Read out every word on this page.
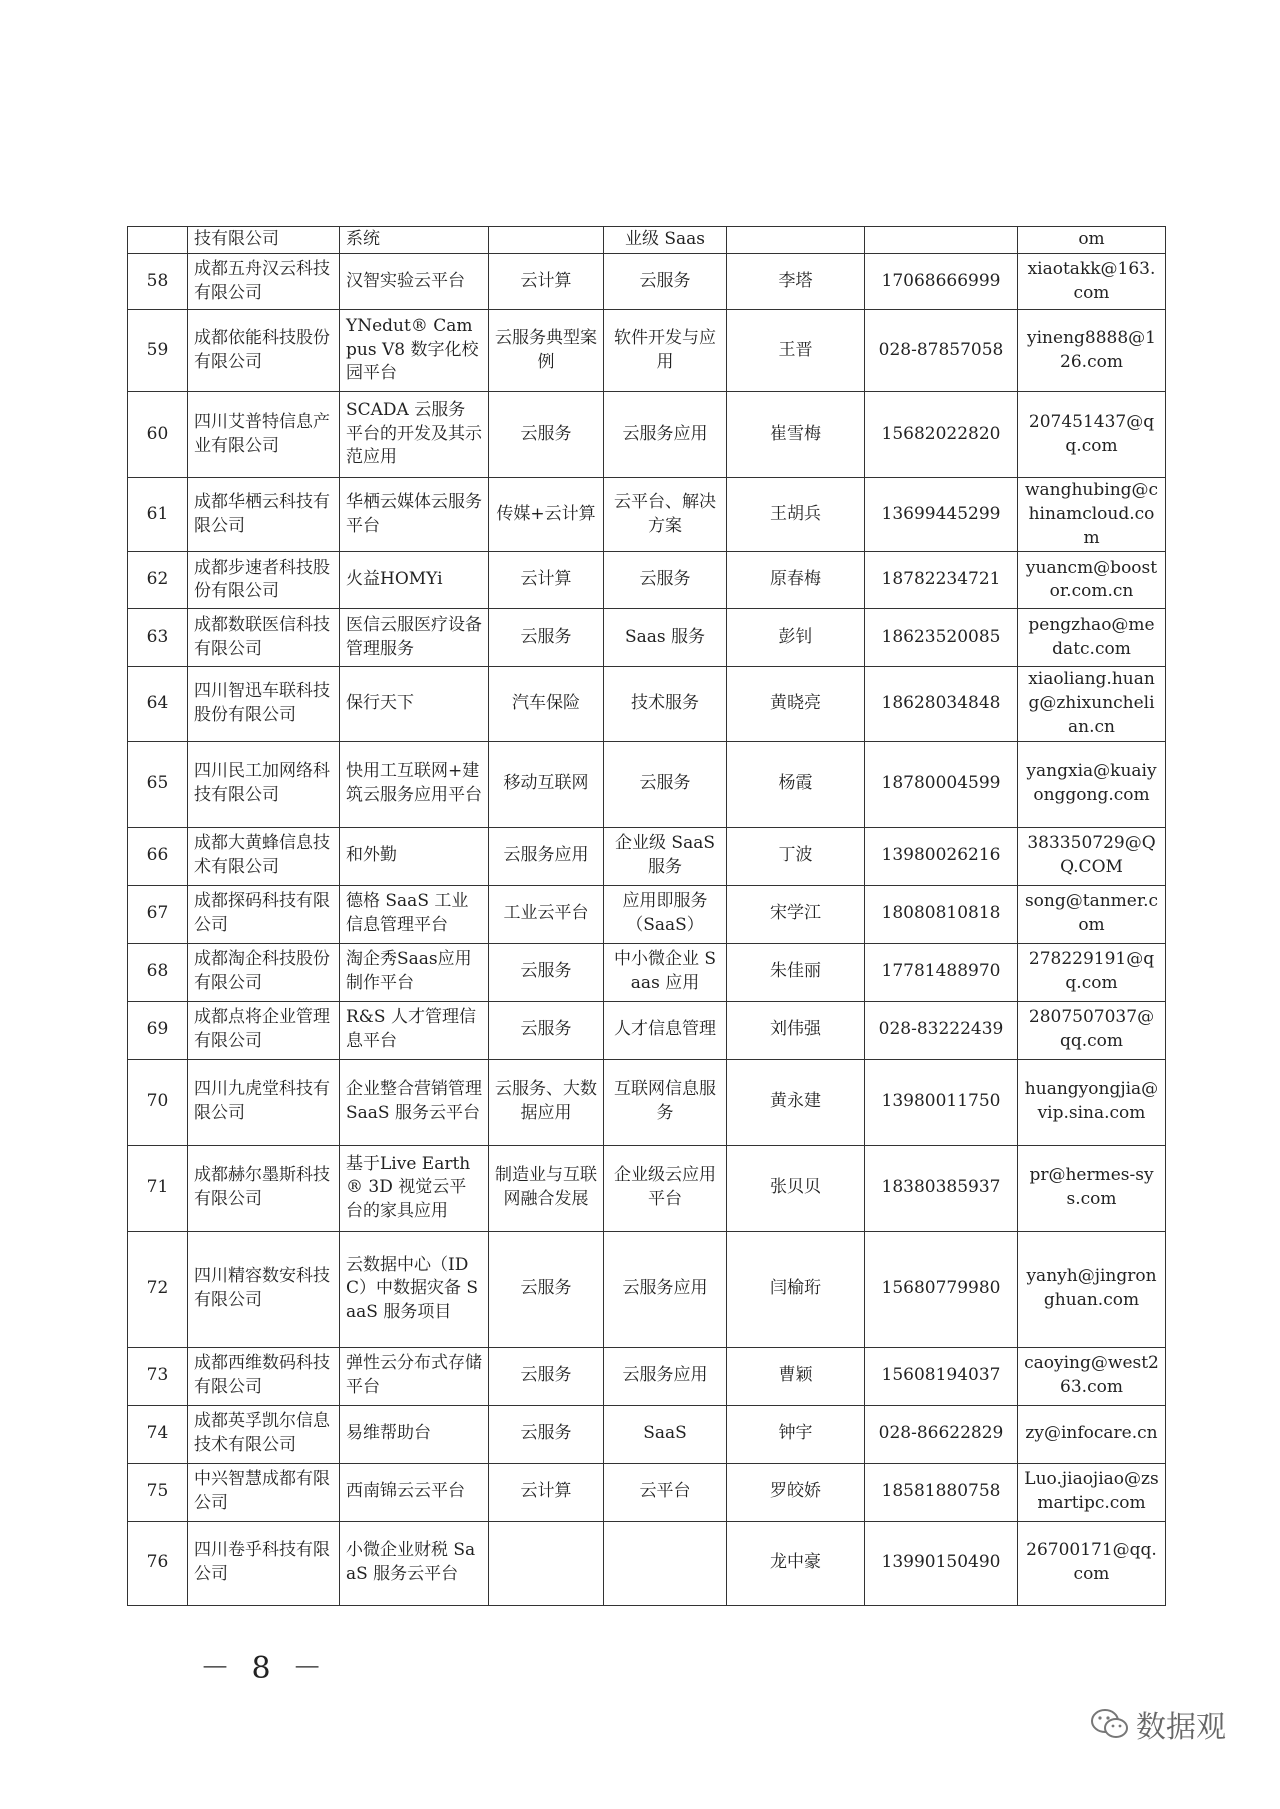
	技有限公司	系统		业级 Saas			om
58	成都五舟汉云科技有限公司	汉智实验云平台	云计算	云服务	李塔	17068666999	xiaotakk@163.com
59	成都依能科技股份有限公司	YNedut® Campus V8 数字化校园平台	云服务典型案例	软件开发与应用	王晋	028-87857058	yineng8888@126.com
60	四川艾普特信息产业有限公司	SCADA 云服务平台的开发及其示范应用	云服务	云服务应用	崔雪梅	15682022820	207451437@qq.com
61	成都华栖云科技有限公司	华栖云媒体云服务平台	传媒+云计算	云平台、解决方案	王胡兵	13699445299	wanghubing@chinamcloud.com
62	成都步速者科技股份有限公司	火益HOMYi	云计算	云服务	原春梅	18782234721	yuancm@boostor.com.cn
63	成都数联医信科技有限公司	医信云服医疗设备管理服务	云服务	Saas 服务	彭钊	18623520085	pengzhao@medatc.com
64	四川智迅车联科技股份有限公司	保行天下	汽车保险	技术服务	黄晓亮	18628034848	xiaoliang.huang@zhixunchelian.cn
65	四川民工加网络科技有限公司	快用工互联网+建筑云服务应用平台	移动互联网	云服务	杨霞	18780004599	yangxia@kuaiyonggong.com
66	成都大黄蜂信息技术有限公司	和外勤	云服务应用	企业级 SaaS 服务	丁波	13980026216	383350729@QQ.COM
67	成都探码科技有限公司	德格 SaaS 工业信息管理平台	工业云平台	应用即服务（SaaS）	宋学江	18080810818	song@tanmer.com
68	成都淘企科技股份有限公司	淘企秀Saas应用制作平台	云服务	中小微企业 Saas 应用	朱佳丽	17781488970	278229191@qq.com
69	成都点将企业管理有限公司	R&S 人才管理信息平台	云服务	人才信息管理	刘伟强	028-83222439	2807507037@qq.com
70	四川九虎堂科技有限公司	企业整合营销管理 SaaS 服务云平台	云服务、大数据应用	互联网信息服务	黄永建	13980011750	huangyongjia@vip.sina.com
71	成都赫尔墨斯科技有限公司	基于Live Earth® 3D 视觉云平台的家具应用	制造业与互联网融合发展	企业级云应用平台	张贝贝	18380385937	pr@hermes-sys.com
72	四川精容数安科技有限公司	云数据中心（IDC）中数据灾备 SaaS 服务项目	云服务	云服务应用	闫榆珩	15680779980	yanyh@jingronghuan.com
73	成都西维数码科技有限公司	弹性云分布式存储平台	云服务	云服务应用	曹颖	15608194037	caoying@west263.com
74	成都英孚凯尔信息技术有限公司	易维帮助台	云服务	SaaS	钟宇	028-86622829	zy@infocare.cn
75	中兴智慧成都有限公司	西南锦云云平台	云计算	云平台	罗皎娇	18581880758	Luo.jiaojiao@zsmartipc.com
76	四川卷乎科技有限公司	小微企业财税 SaaS 服务云平台			龙中豪	13990150490	26700171@qq.com
－ 8 －
数据观
